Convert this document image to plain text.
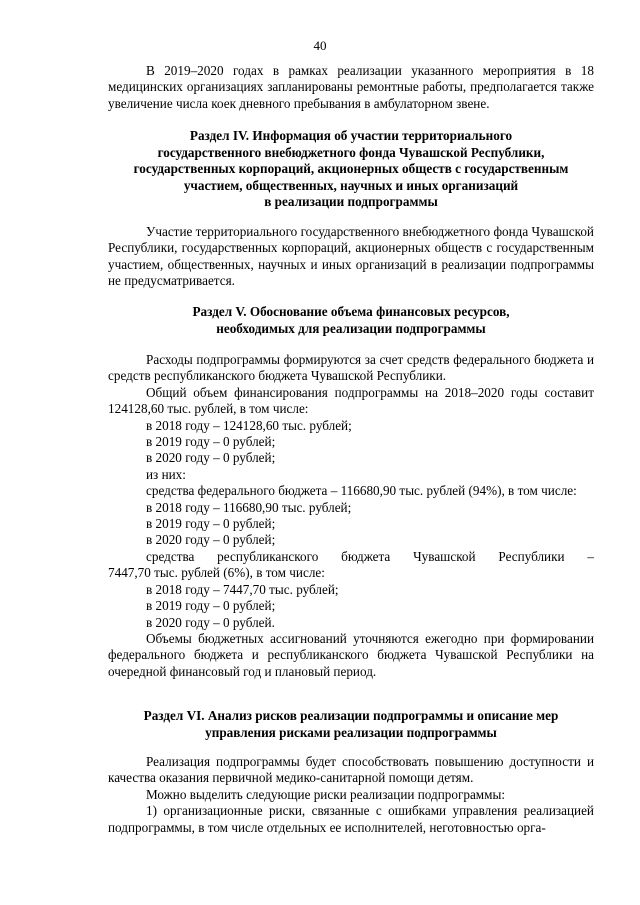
40

В 2019–2020 годах в рамках реализации указанного мероприятия в 18 медицинских организациях запланированы ремонтные работы, предполагается также увеличение числа коек дневного пребывания в амбулаторном звене.

Раздел IV. Информация об участии территориального
государственного внебюджетного фонда Чувашской Республики,
государственных корпораций, акционерных обществ с государственным
участием, общественных, научных и иных организаций
в реализации подпрограммы

Участие территориального государственного внебюджетного фонда Чувашской Республики, государственных корпораций, акционерных обществ с государственным участием, общественных, научных и иных организаций в реализации подпрограммы не предусматривается.

Раздел V. Обоснование объема финансовых ресурсов,
необходимых для реализации подпрограммы

Расходы подпрограммы формируются за счет средств федерального бюджета и средств республиканского бюджета Чувашской Республики.

Общий объем финансирования подпрограммы на 2018–2020 годы составит 124128,60 тыс. рублей, в том числе:

в 2018 году – 124128,60 тыс. рублей;

в 2019 году – 0 рублей;

в 2020 году – 0 рублей;

из них:

средства федерального бюджета – 116680,90 тыс. рублей (94%), в том числе:

в 2018 году – 116680,90 тыс. рублей;

в 2019 году – 0 рублей;

в 2020 году – 0 рублей;

средства республиканского бюджета Чувашской Республики –

7447,70 тыс. рублей (6%), в том числе:

в 2018 году – 7447,70 тыс. рублей;

в 2019 году – 0 рублей;

в 2020 году – 0 рублей.

Объемы бюджетных ассигнований уточняются ежегодно при формировании федерального бюджета и республиканского бюджета Чувашской Республики на очередной финансовый год и плановый период.

Раздел VI. Анализ рисков реализации подпрограммы и описание мер
управления рисками реализации подпрограммы

Реализация подпрограммы будет способствовать повышению доступности и качества оказания первичной медико-санитарной помощи детям.

Можно выделить следующие риски реализации подпрограммы:

1) организационные риски, связанные с ошибками управления реализацией подпрограммы, в том числе отдельных ее исполнителей, неготовностью орга-
